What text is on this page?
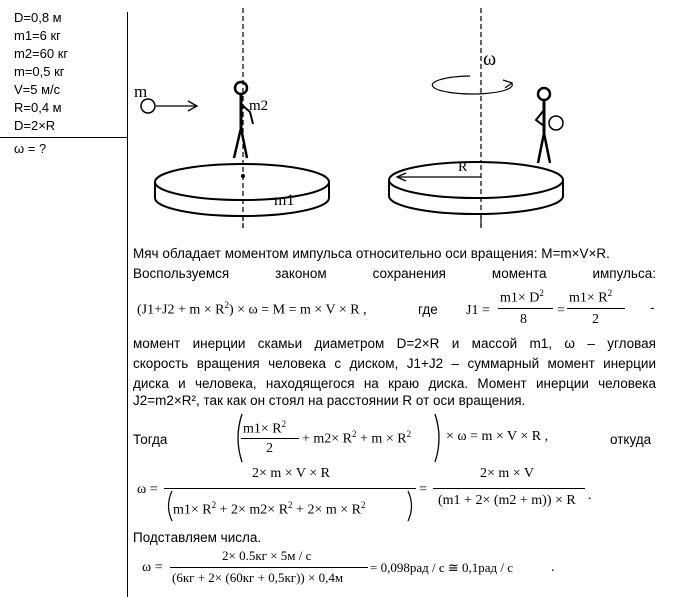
D=0,8 м
m1=6 кг
m2=60 кг
m=0,5 кг
V=5 м/с
R=0,4 м
D=2×R
ω = ?
m
m2
m1
ω
R
Мяч обладает моментом импульса относительно оси вращения: M=m×V×R.
Воспользуемся	законом	сохранения	момента	импульса:
$(J1+J2 + m \times R^2) \times \omega = M = m \times V \times R$ ,	где J1 =
$m1\times D^2$
8
=
$m1\times R^2$
2
-
момент инерции скамьи диаметром D=2×R и массой m1, ω – угловая
скорость вращения человека с диском, J1+J2 – суммарный момент инерции
диска и человека, находящегося на краю диска. Момент инерции человека
J2=m2×R², так как он стоял на расстоянии R от оси вращения.
Тогда
$m1\times R^2$
2
+ $m2\times R^2 + m \times R^2 \times \omega = m \times V \times R$ ,	откуда
ω =
2× m × V × R
$m1\times R^2 + 2\times m2\times R^2 + 2\times m \times R^2$
=
2× m × V
(m1 + 2× (m2 + m)) × R .
Подставляем числа.
ω =
2× 0.5кг × 5м / с
(6кг + 2× (60кг + 0,5кг)) × 0,4м
= 0,098рад / с ≅ 0,1рад / с	.
